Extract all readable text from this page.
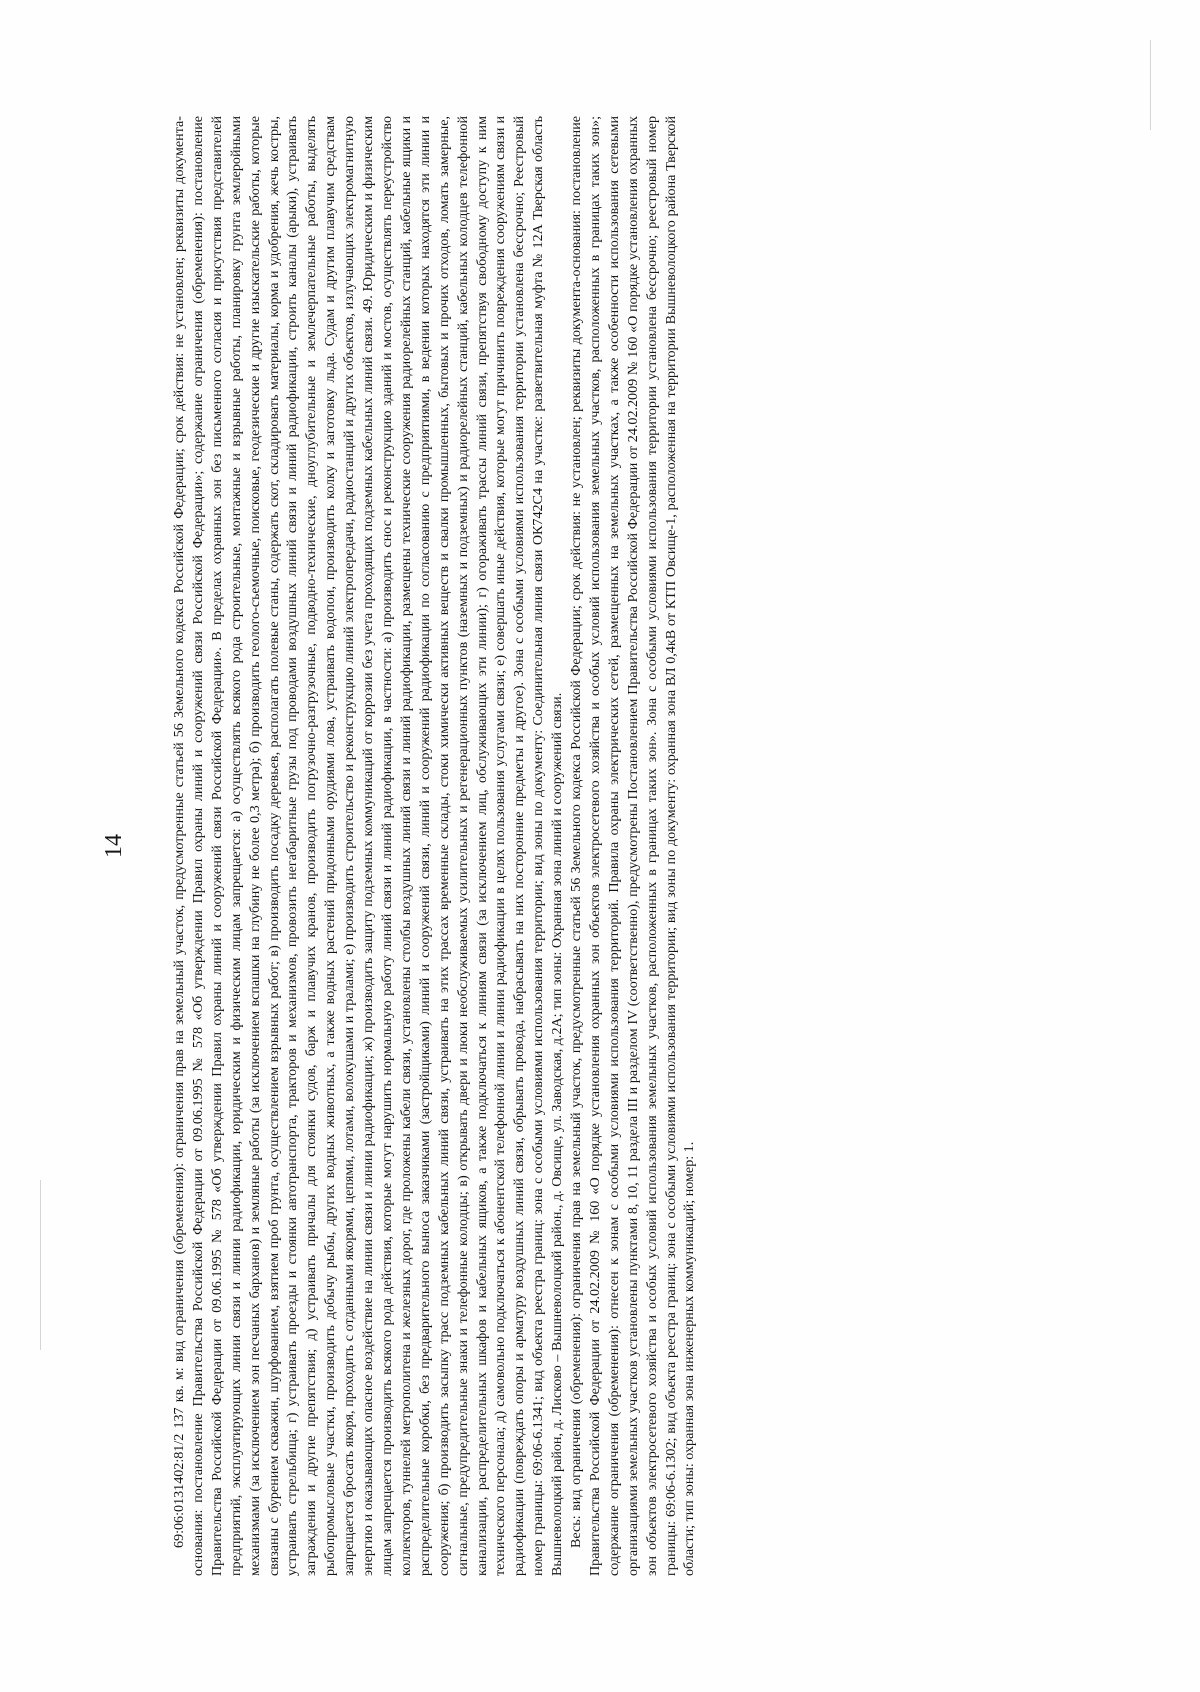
14	69:06:0131402:81/2 137 кв. м: вид ограничения (обременения): ограничения прав на земельный участок, предусмотренные статьей 56 Земельного кодекса Российской Федерации; срок действия: не установлен; реквизиты документа-основания: постановление Правительства Российской Федерации от 09.06.1995 № 578 «Об утверждении Правил охраны линий и сооружений связи Российской Федерации»; содержание ограничения (обременения): постановление Правительства Российской Федерации от 09.06.1995 № 578 «Об утверждении Правил охраны линий и сооружений связи Российской Федерации». В пределах охранных зон без письменного согласия и присутствия представителей предприятий, эксплуатирующих линии связи и линии радиофикации, юридическим и физическим лицам запрещается: а) осуществлять всякого рода строительные, монтажные и взрывные работы, планировку грунта землеройными механизмами (за исключением зон песчаных барханов) и земляные работы (за исключением вспашки на глубину не более 0,3 метра); б) производить геолого-съемочные, поисковые, геодезические и другие изыскательские работы, которые связаны с бурением скважин, шурфованием, взятием проб грунта, осуществлением взрывных работ; в) производить посадку деревьев, располагать полевые станы, содержать скот, складировать материалы, корма и удобрения, жечь костры, устраивать стрельбища; г) устраивать проезды и стоянки автотранспорта, тракторов и механизмов, провозить негабаритные грузы под проводами воздушных линий связи и линий радиофикации, строить каналы (арыки), устраивать заграждения и другие препятствия; д) устраивать причалы для стоянки судов, барж и плавучих кранов, производить погрузочно-разгрузочные, подводно-технические, дноуглубительные и землечерпательные работы, выделять рыбопромысловые участки, производить добычу рыбы, других водных животных, а также водных растений придонными орудиями лова, устраивать водопои, производить колку и заготовку льда. Судам и другим плавучим средствам запрещается бросать якоря, проходить с отданными якорями, цепями, лотами, волокушами и тралами; е) производить строительство и реконструкцию линий электропередачи, радиостанций и других объектов, излучающих электромагнитную энергию и оказывающих опасное воздействие на линии связи и линии радиофикации; ж) производить защиту подземных коммуникаций от коррозии без учета проходящих подземных кабельных линий связи. 49. Юридическим и физическим лицам запрещается производить всякого рода действия, которые могут нарушить нормальную работу линий связи и линий радиофикации, в частности: а) производить снос и реконструкцию зданий и мостов, осуществлять переустройство коллекторов, туннелей метрополитена и железных дорог, где проложены кабели связи, установлены столбы воздушных линий связи и линий радиофикации, размещены технические сооружения радиорелейных станций, кабельные ящики и распределительные коробки, без предварительного выноса заказчиками (застройщиками) линий и сооружений связи, линий и сооружений радиофикации по согласованию с предприятиями, в ведении которых находятся эти линии и сооружения; б) производить засыпку трасс подземных кабельных линий связи, устраивать на этих трассах временные склады, стоки химически активных веществ и свалки промышленных, бытовых и прочих отходов, ломать замерные, сигнальные, предупредительные знаки и телефонные колодцы; в) открывать двери и люки необслуживаемых усилительных и регенерационных пунктов (наземных и подземных) и радиорелейных станций, кабельных колодцев телефонной канализации, распределительных шкафов и кабельных ящиков, а также подключаться к линиям связи (за исключением лиц, обслуживающих эти линии); г) огораживать трассы линий связи, препятствуя свободному доступу к ним технического персонала; д) самовольно подключаться к абонентской телефонной линии и линии радиофикации в целях пользования услугами связи; е) совершать иные действия, которые могут причинить повреждения сооружениям связи и радиофикации (повреждать опоры и арматуру воздушных линий связи, обрывать провода, набрасывать на них посторонние предметы и другое). Зона с особыми условиями использования территории установлена бессрочно; Реестровый номер границы: 69:06-6.1341; вид объекта реестра границ: зона с особыми условиями использования территории; вид зоны по документу: Соединительная линия связи ОК742С4 на участке: разветвительная муфта № 12А Тверская область Вышневолоцкий район, д. Лисково – Вышневолоцкий район., д. Овсище, ул. Заводская, д.2А; тип зоны: Охранная зона линий и сооружений связи. Весь: вид ограничения (обременения): ограничения прав на земельный участок, предусмотренные статьей 56 Земельного кодекса Российской Федерации; срок действия: не установлен; реквизиты документа-основания: постановление Правительства Российской Федерации от 24.02.2009 № 160 «О порядке установления охранных зон объектов электросетевого хозяйства и особых условий использования земельных участков, расположенных в границах таких зон»; содержание ограничения (обременения): отнесен к зонам с особыми условиями использования территорий. Правила охраны электрических сетей, размещенных на земельных участках, а также особенности использования сетевыми организациями земельных участков установлены пунктами 8, 10, 11 раздела III и разделом IV (соответственно), предусмотрены Постановлением Правительства Российской Федерации от 24.02.2009 № 160 «О порядке установления охранных зон объектов электросетевого хозяйства и особых условий использования земельных участков, расположенных в границах таких зон». Зона с особыми условиями использования территории установлена бессрочно; реестровый номер границы: 69:06-6.1302; вид объекта реестра границ: зона с особыми условиями использования территории; вид зоны по документу: охранная зона ВЛ 0,4кВ от КТП Овсище-1, расположенная на территории Вышневолоцкого района Тверской области; тип зоны: охранная зона инженерных коммуникаций; номер: 1.
